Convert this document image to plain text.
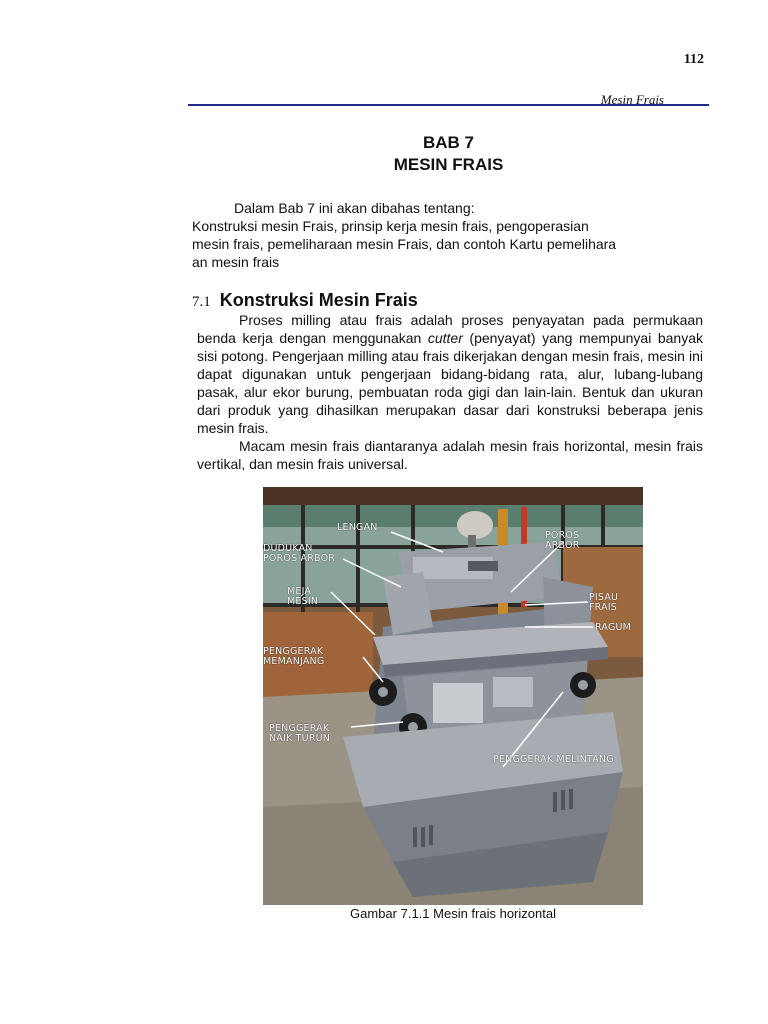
112
Mesin Frais
BAB 7
MESIN FRAIS
Dalam Bab 7 ini akan dibahas tentang:
Konstruksi mesin Frais, prinsip kerja mesin frais, pengoperasian
mesin frais, pemeliharaan mesin Frais, dan contoh Kartu pemelihara
an mesin frais
7.1 Konstruksi Mesin Frais

Proses milling atau frais adalah proses penyayatan pada permukaan benda kerja dengan menggunakan cutter (penyayat) yang mempunyai banyak sisi potong. Pengerjaan milling atau frais dikerjakan dengan mesin frais, mesin ini dapat digunakan untuk pengerjaan bidang-bidang rata, alur, lubang-lubang pasak, alur ekor burung, pembuatan roda gigi dan lain-lain. Bentuk dan ukuran dari produk yang dihasilkan merupakan dasar dari konstruksi beberapa jenis mesin frais.

Macam mesin frais diantaranya adalah mesin frais horizontal, mesin frais vertikal, dan mesin frais universal.

LENGAN
DUDUKAN
POROS ARBOR
POROS
ARBOR
MEJA
MESIN	PISAU
FRAIS
RAGUM
PENGGERAK
MEMANJANG
PENGGERAK
NAIK TURUN
PENGGERAK MELINTANG
Gambar 7.1.1 Mesin frais horizontal
